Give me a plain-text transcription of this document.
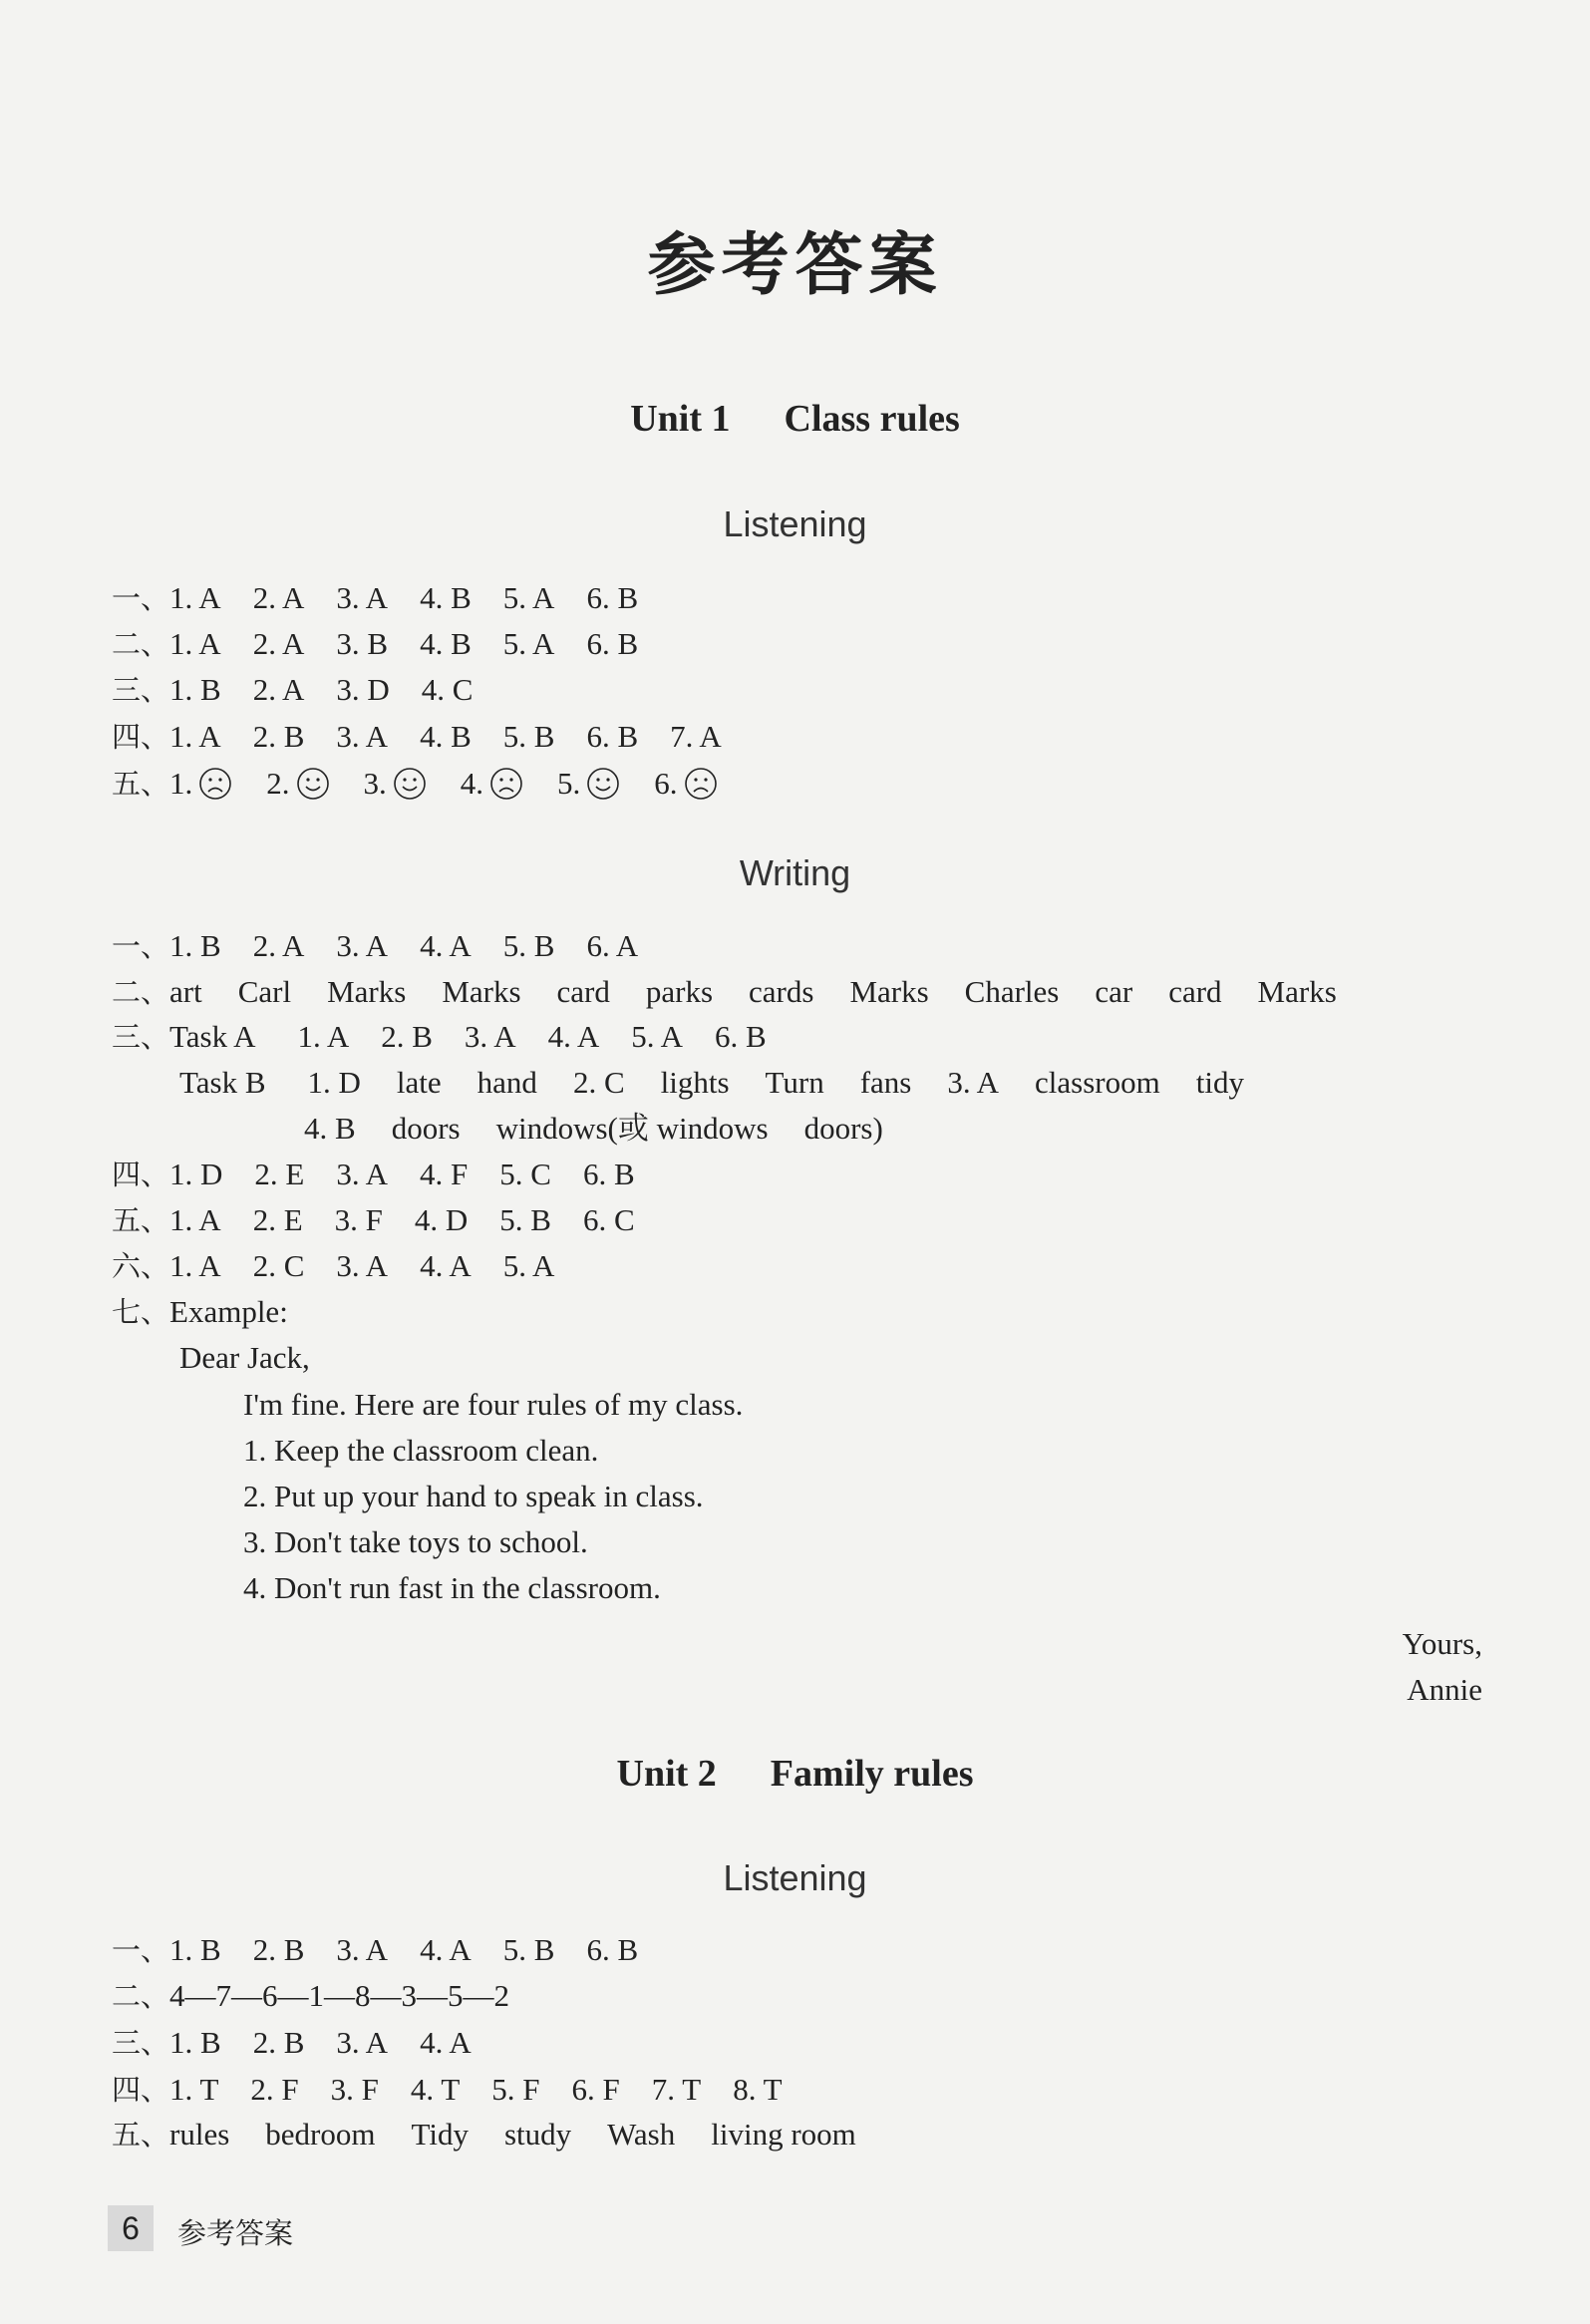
参考答案
Unit 1 Class rules
Listening
一、1. A 2. A 3. A 4. B 5. A 6. B
二、1. A 2. A 3. B 4. B 5. A 6. B
三、1. B 2. A 3. D 4. C
四、1. A 2. B 3. A 4. B 5. B 6. B 7. A
五、1. 2. 3. 4. 5. 6.
Writing
一、1. B 2. A 3. A 4. A 5. B 6. A
二、art Carl Marks Marks card parks cards Marks Charles car card Marks
三、Task A 1. A 2. B 3. A 4. A 5. A 6. B
Task B 1. D late hand 2. C lights Turn fans 3. A classroom tidy
4. B doors windows(或 windows doors)
四、1. D 2. E 3. A 4. F 5. C 6. B
五、1. A 2. E 3. F 4. D 5. B 6. C
六、1. A 2. C 3. A 4. A 5. A
七、Example:
Dear Jack,
I'm fine. Here are four rules of my class.
1. Keep the classroom clean.
2. Put up your hand to speak in class.
3. Don't take toys to school.
4. Don't run fast in the classroom.
Yours,
Annie
Unit 2 Family rules
Listening
一、1. B 2. B 3. A 4. A 5. B 6. B
二、4—7—6—1—8—3—5—2
三、1. B 2. B 3. A 4. A
四、1. T 2. F 3. F 4. T 5. F 6. F 7. T 8. T
五、rules bedroom Tidy study Wash living room
6	参考答案
